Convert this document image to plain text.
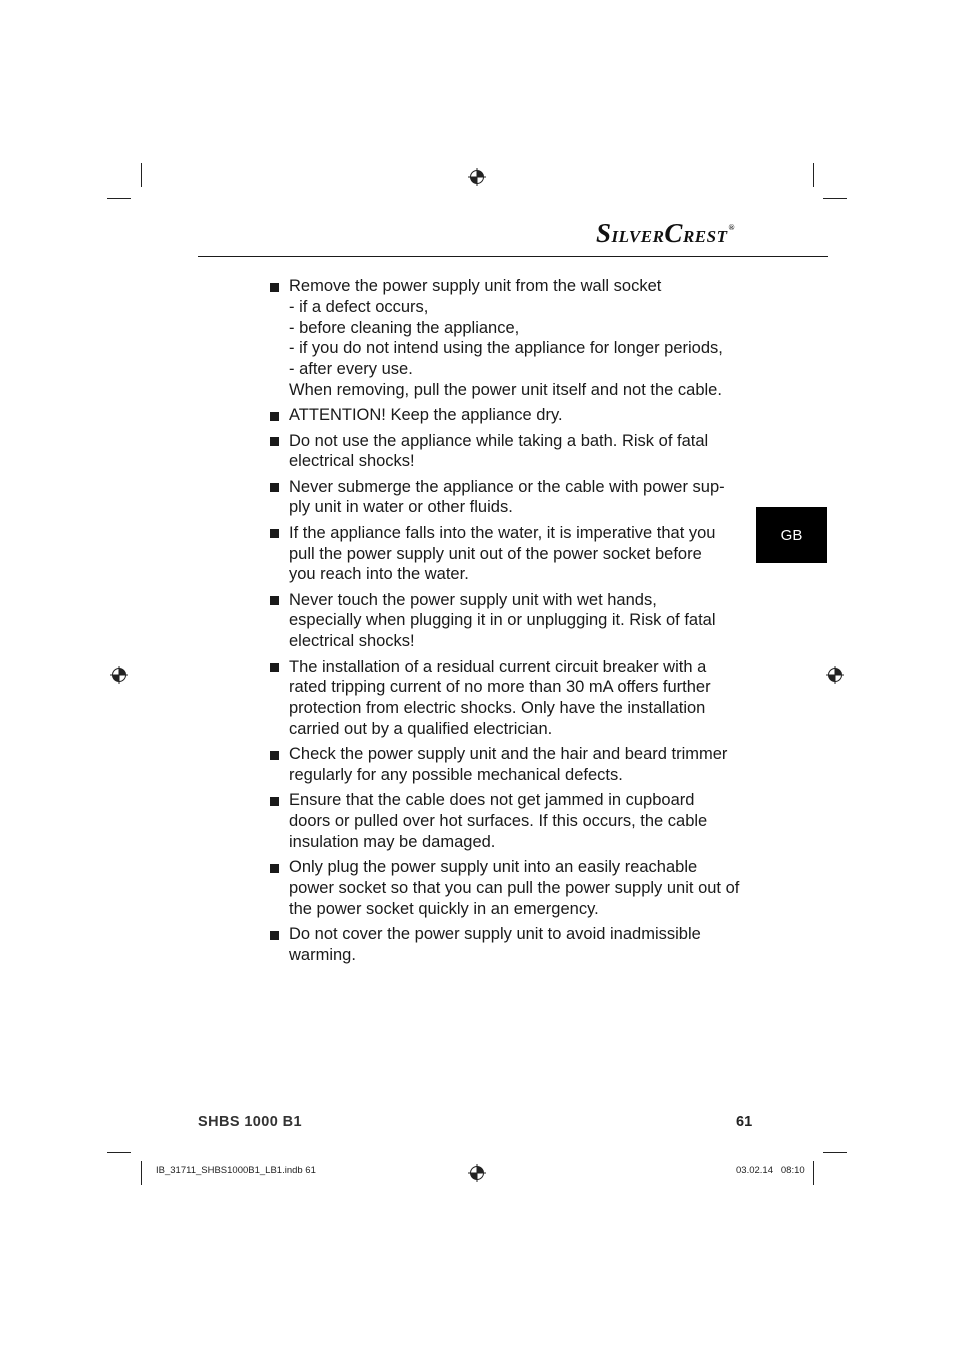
SILVERCREST®
GB
Remove the power supply unit from the wall socket
- if a defect occurs,
- before cleaning the appliance,
- if you do not intend using the appliance for longer periods,
- after every use.
When removing, pull the power unit itself and not the cable.
ATTENTION! Keep the appliance dry.
Do not use the appliance while taking a bath. Risk of fatal
electrical shocks!
Never submerge the appliance or the cable with power sup-
ply unit in water or other fluids.
If the appliance falls into the water, it is imperative that you
pull the power supply unit out of the power socket before
you reach into the water.
Never touch the power supply unit with wet hands,
especially when plugging it in or unplugging it. Risk of fatal
electrical shocks!
The installation of a residual current circuit breaker with a
rated tripping current of no more than 30 mA offers further
protection from electric shocks. Only have the installation
carried out by a qualified electrician.
Check the power supply unit and the hair and beard trimmer
regularly for any possible mechanical defects.
Ensure that the cable does not get jammed in cupboard
doors or pulled over hot surfaces. If this occurs, the cable
insulation may be damaged.
Only plug the power supply unit into an easily reachable
power socket so that you can pull the power supply unit out of
the power socket quickly in an emergency.
Do not cover the power supply unit to avoid inadmissible
warming.
SHBS 1000 B1	61
IB_31711_SHBS1000B1_LB1.indb 61	03.02.14   08:10
